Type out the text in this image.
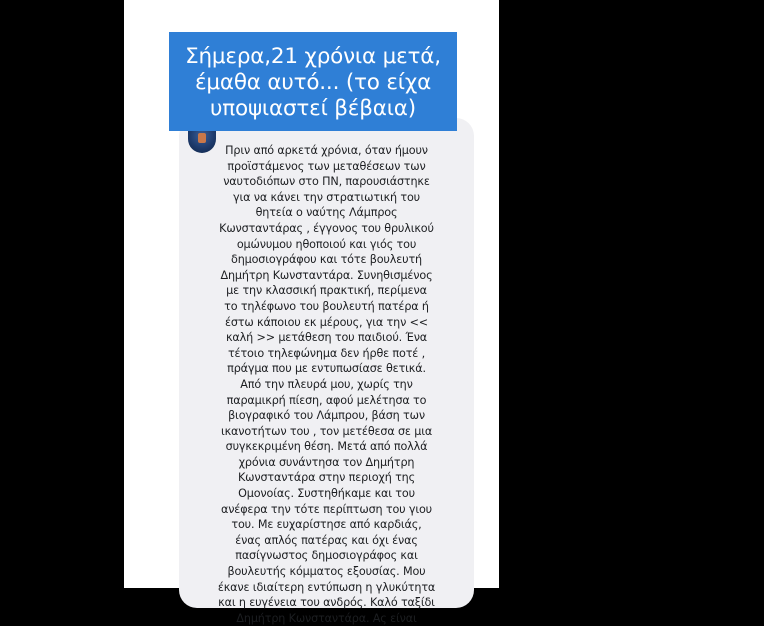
Πριν από αρκετά χρόνια, όταν ήμουν
προϊστάμενος των μεταθέσεων των
ναυτοδιόπων στο ΠΝ, παρουσιάστηκε
για να κάνει την στρατιωτική του
θητεία ο ναύτης Λάμπρος
Κωνσταντάρας , έγγονος του θρυλικού
ομώνυμου ηθοποιού και γιός του
δημοσιογράφου και τότε βουλευτή
Δημήτρη Κωνσταντάρα. Συνηθισμένος
με την κλασσική πρακτική, περίμενα
το τηλέφωνο του βουλευτή πατέρα ή
έστω κάποιου εκ μέρους, για την <<
καλή >> μετάθεση του παιδιού. Ένα
τέτοιο τηλεφώνημα δεν ήρθε ποτέ ,
πράγμα που με εντυπωσίασε θετικά.
Από την πλευρά μου, χωρίς την
παραμικρή πίεση, αφού μελέτησα το
βιογραφικό του Λάμπρου, βάση των
ικανοτήτων του , τον μετέθεσα σε μια
συγκεκριμένη θέση. Μετά από πολλά
χρόνια συνάντησα τον Δημήτρη
Κωνσταντάρα στην περιοχή της
Ομονοίας. Συστηθήκαμε και του
ανέφερα την τότε περίπτωση του γιου
του. Με ευχαρίστησε από καρδιάς,
ένας απλός πατέρας και όχι ένας
πασίγνωστος δημοσιογράφος και
βουλευτής κόμματος εξουσίας. Μου
έκανε ιδιαίτερη εντύπωση η γλυκύτητα
και η ευγένεια του ανδρός. Καλό ταξίδι
Δημήτρη Κωνσταντάρα. Ας είναι
Σήμερα,21 χρόνια μετά,
έμαθα αυτό... (το είχα
υποψιαστεί βέβαια)
